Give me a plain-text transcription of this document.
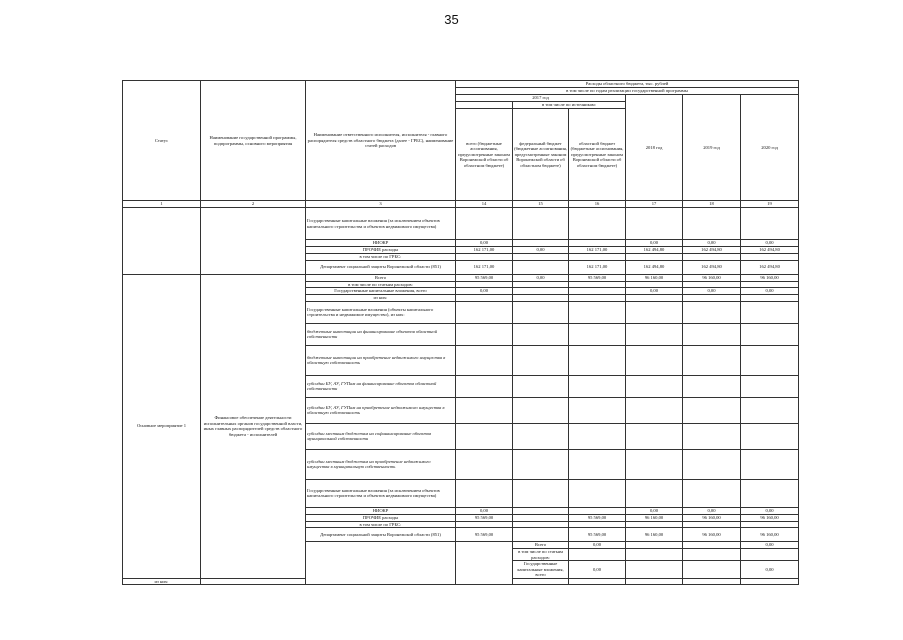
35
Статус	Наименование государственной программы, подпрограммы, основного мероприятия	Наименование ответственного исполнителя, исполнителя - главного распорядителя средств областного бюджета (далее - ГРБС), наименование статей расходов	Расходы областного бюджета, тыс. рублей						
			в том числе по годам реализации государственной программы						
			2017 год			2018 год	2019 год	2020 год	
				в том числе по источникам:					
			всего (бюджетные ассигнования, предусмотренные законом Воронежской области об областном бюджете)	федеральный бюджет (бюджетные ассигнования, предусмотренные законом Воронежской области об областном бюджете)	областной бюджет (бюджетные ассигнования, предусмотренные законом Воронежской области об областном бюджете)				
1	2	3	14	15	16	17	18	19	
		Государственные капитальные вложения (за исключением объектов капитального строительства и объектов недвижимого имущества)							
		НИОКР	0,00			0,00	0,00	0,00	
		ПРОЧИЕ расходы	162 171,00	0,00	162 171,00	162 494,80	162 494,80	162 494,80	
		в том числе по ГРБС:							
		Департамент социальной защиты Воронежской области (851)	162 171,00		162 171,00	162 494,80	162 494,80	162 494,80	
Основное мероприятие 1	Финансовое обеспечение деятельности исполнительных органов государственной власти, иных главных распорядителей средств областного бюджета - исполнителей	Всего	95 569,00	0,00	95 569,00	96 160,00	96 160,00	96 160,00	
		в том числе по статьям расходов:							
		Государственные капитальные вложения, всего	0,00			0,00	0,00	0,00	
		из них:							
		Государственные капитальные вложения (объекты капитального строительства и недвижимое имущество), из них:							
		бюджетные инвестиции на финансирование объектов областной собственности							
		бюджетные инвестиции на приобретение недвижимого имущества в областную собственность							
		субсидии БУ, АУ, ГУПам на финансирование объектов областной собственности							
		субсидии БУ, АУ, ГУПам на приобретение недвижимого имущества в областную собственность							
		субсидии местным бюджетам на софинансирование объектов муниципальной собственности							
		субсидии местным бюджетам на приобретение недвижимого имущества в муниципальную собственность							
		Государственные капитальные вложения (за исключением объектов капитального строительства и объектов недвижимого имущества)							
		НИОКР	0,00			0,00	0,00	0,00	
		ПРОЧИЕ расходы	95 569,00		95 569,00	96 160,00	96 160,00	96 160,00	
		в том числе по ГРБС:							
		Департамент социальной защиты Воронежской области (851)	95 569,00		95 569,00	96 160,00	96 160,00	96 160,00	
				Всего	0,00			0,00		
				в том числе по статьям расходов:						
				Государственные капитальные вложения, всего	0,00			0,00		
из них:									
